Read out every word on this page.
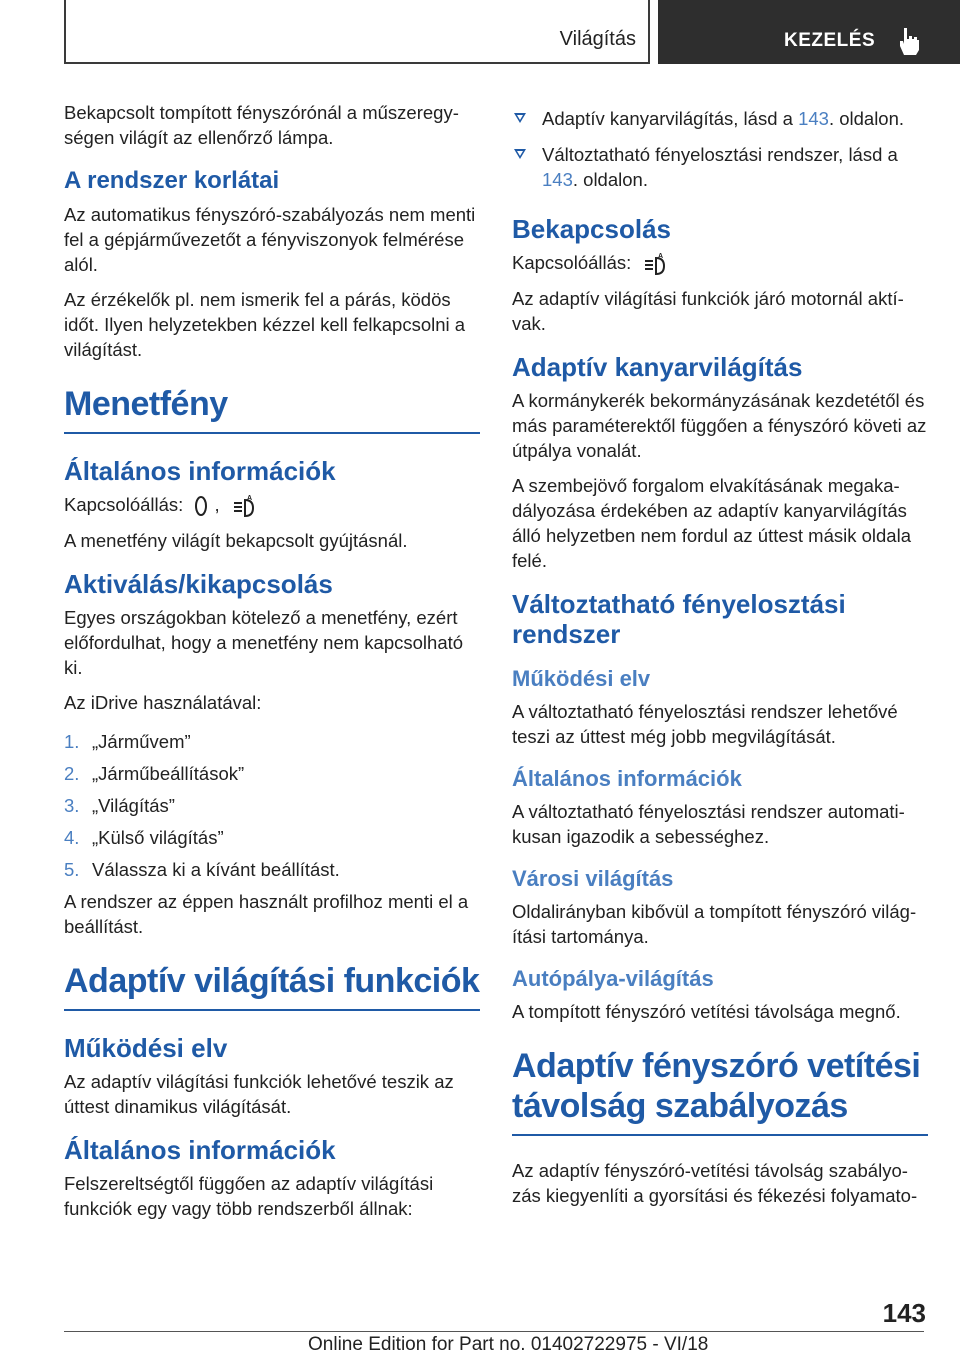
Világítás	KEZELÉS

Bekapcsolt tompított fényszórónál a műszeregységen világít az ellenőrző lámpa.

A rendszer korlátai

Az automatikus fényszóró-szabályozás nem menti fel a gépjárművezetőt a fényviszonyok felmérése alól.

Az érzékelők pl. nem ismerik fel a párás, ködös időt. Ilyen helyzetekben kézzel kell felkapcsolni a világítást.

Menetfény
Általános információk

Kapcsolóállás: ,	A

A menetfény világít bekapcsolt gyújtásnál.

Aktiválás/kikapcsolás

Egyes országokban kötelező a menetfény, ezért előfordulhat, hogy a menetfény nem kapcsolható ki.

Az iDrive használatával:

1. „Járművem”
2. „Járműbeállítások”
3. „Világítás”
4. „Külső világítás”
5. Válassza ki a kívánt beállítást.

A rendszer az éppen használt profilhoz menti el a beállítást.

Adaptív világítási funkciók
Működési elv

Az adaptív világítási funkciók lehetővé teszik az úttest dinamikus világítását.

Általános információk

Felszereltségtől függően az adaptív világítási funkciók egy vagy több rendszerből állnak:

Adaptív kanyarvilágítás, lásd a 143. oldalon.
Változtatható fényelosztási rendszer, lásd a 143. oldalon.
Bekapcsolás

Kapcsolóállás:	A

Az adaptív világítási funkciók járó motornál aktívak.

Adaptív kanyarvilágítás

A kormánykerék bekormányzásának kezdetétől és más paraméterektől függően a fényszóró követi az útpálya vonalát.

A szembejövő forgalom elvakításának megakadályozása érdekében az adaptív kanyarvilágítás álló helyzetben nem fordul az úttest másik oldala felé.

Változtatható fényelosztási rendszer
Működési elv

A változtatható fényelosztási rendszer lehetővé teszi az úttest még jobb megvilágítását.

Általános információk

A változtatható fényelosztási rendszer automatikusan igazodik a sebességhez.

Városi világítás

Oldalirányban kibővül a tompított fényszóró világítási tartománya.

Autópálya-világítás

A tompított fényszóró vetítési távolsága megnő.

Adaptív fényszóró vetítési távolság szabályozás

Az adaptív fényszóró-vetítési távolság szabályozás kiegyenlíti a gyorsítási és fékezési folyamato-

143
Online Edition for Part no. 01402722975 - VI/18
